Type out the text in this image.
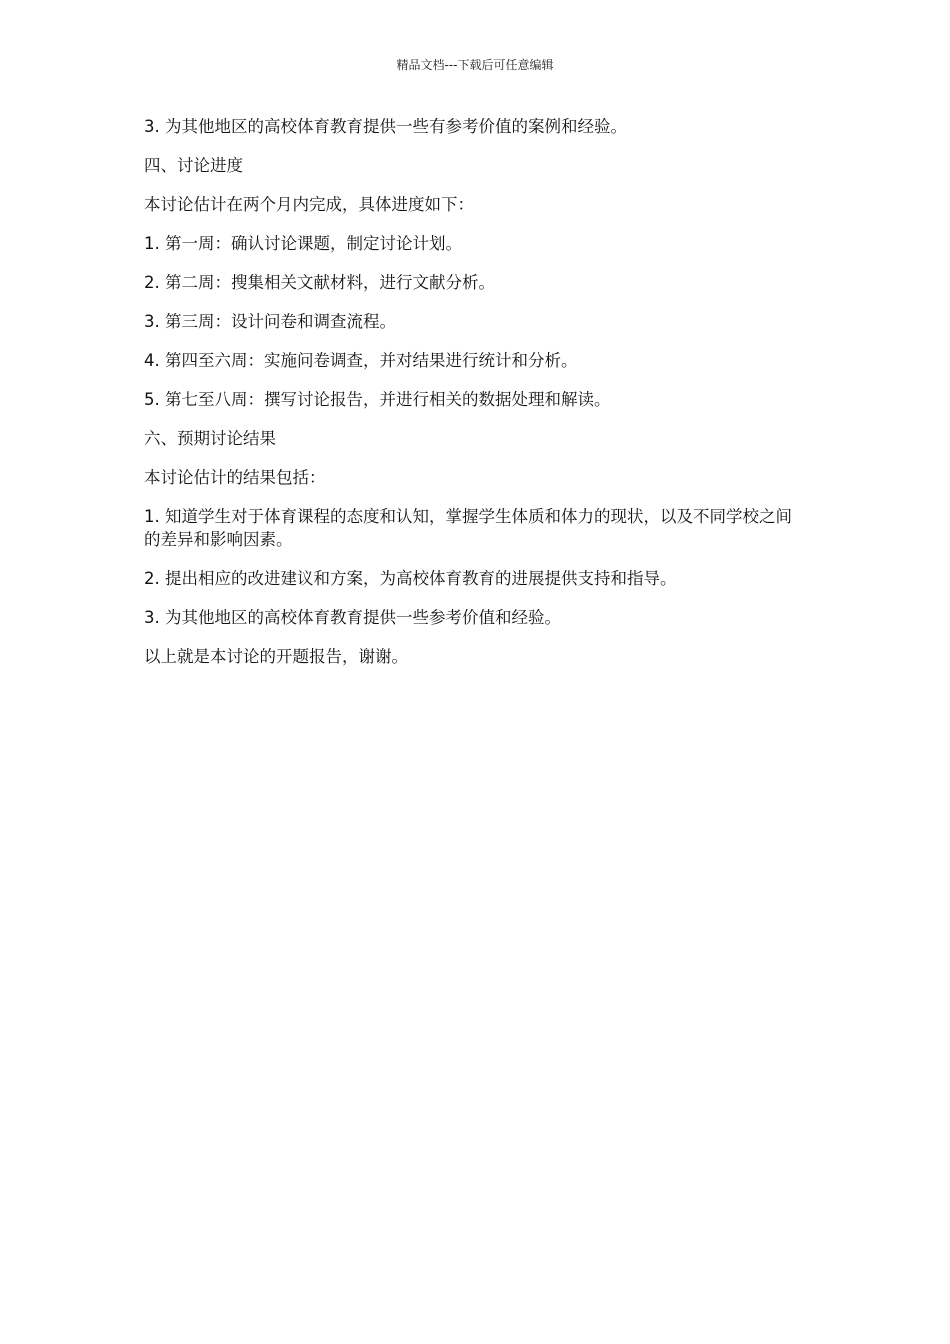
精品文档---下载后可任意编辑

3. 为其他地区的高校体育教育提供一些有参考价值的案例和经验。

四、讨论进度

本讨论估计在两个月内完成，具体进度如下：

1. 第一周：确认讨论课题，制定讨论计划。

2. 第二周：搜集相关文献材料，进行文献分析。

3. 第三周：设计问卷和调查流程。

4. 第四至六周：实施问卷调查，并对结果进行统计和分析。

5. 第七至八周：撰写讨论报告，并进行相关的数据处理和解读。

六、预期讨论结果

本讨论估计的结果包括：

1. 知道学生对于体育课程的态度和认知，掌握学生体质和体力的现状，以及不同学校之间的差异和影响因素。

2. 提出相应的改进建议和方案，为高校体育教育的进展提供支持和指导。

3. 为其他地区的高校体育教育提供一些参考价值和经验。

以上就是本讨论的开题报告，谢谢。
